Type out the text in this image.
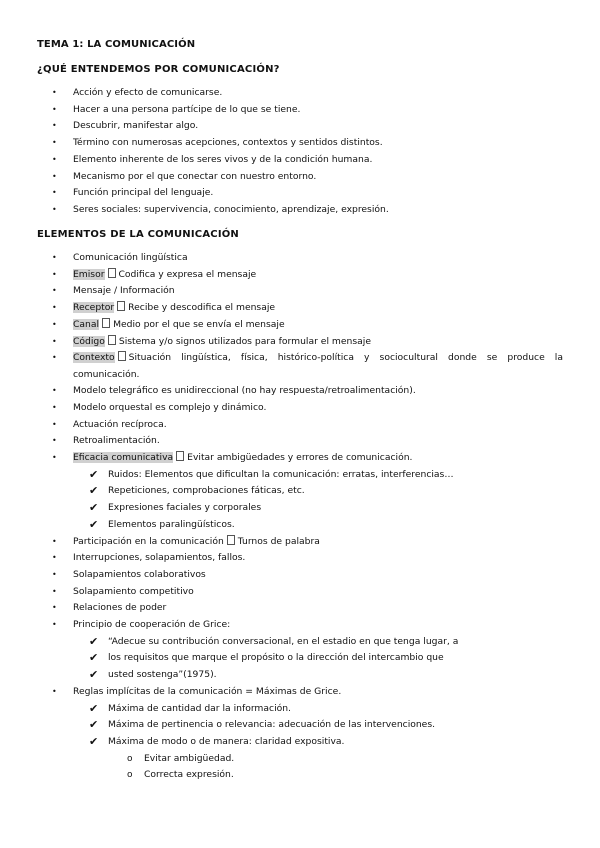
TEMA 1: LA COMUNICACIÓN
¿QUÉ ENTENDEMOS POR COMUNICACIÓN?
• Acción y efecto de comunicarse.
• Hacer a una persona partícipe de lo que se tiene.
• Descubrir, manifestar algo.
• Término con numerosas acepciones, contextos y sentidos distintos.
• Elemento inherente de los seres vivos y de la condición humana.
• Mecanismo por el que conectar con nuestro entorno.
• Función principal del lenguaje.
• Seres sociales: supervivencia, conocimiento, aprendizaje, expresión.
ELEMENTOS DE LA COMUNICACIÓN
• Comunicación lingüística
• Emisor Codifica y expresa el mensaje
• Mensaje / Información
• Receptor Recibe y descodifica el mensaje
• Canal Medio por el que se envía el mensaje
• Código Sistema y/o signos utilizados para formular el mensaje
• Contexto Situación lingüística, física, histórico-política y sociocultural donde se produce la comunicación.
• Modelo telegráfico es unidireccional (no hay respuesta/retroalimentación).
• Modelo orquestal es complejo y dinámico.
• Actuación recíproca.
• Retroalimentación.
• Eficacia comunicativa Evitar ambigüedades y errores de comunicación.
✔ Ruidos: Elementos que dificultan la comunicación: erratas, interferencias…
✔ Repeticiones, comprobaciones fáticas, etc.
✔ Expresiones faciales y corporales
✔ Elementos paralingüísticos.
• Participación en la comunicación Turnos de palabra
• Interrupciones, solapamientos, fallos.
• Solapamientos colaborativos
• Solapamiento competitivo
• Relaciones de poder
• Principio de cooperación de Grice:
✔ “Adecue su contribución conversacional, en el estadio en que tenga lugar, a
✔ los requisitos que marque el propósito o la dirección del intercambio que
✔ usted sostenga”(1975).
• Reglas implícitas de la comunicación = Máximas de Grice.
✔ Máxima de cantidad dar la información.
✔ Máxima de pertinencia o relevancia: adecuación de las intervenciones.
✔ Máxima de modo o de manera: claridad expositiva.
o Evitar ambigüedad.
o Correcta expresión.
